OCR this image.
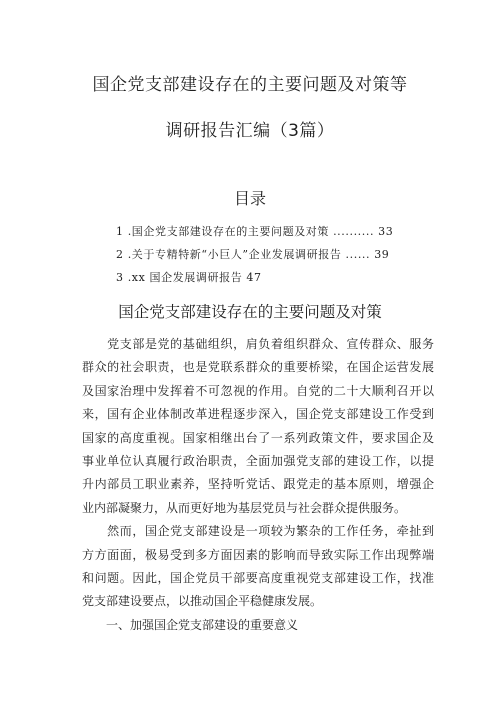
国企党支部建设存在的主要问题及对策等
调研报告汇编（3篇）
目录
1 .国企党支部建设存在的主要问题及对策 .......... 33
2 .关于专精特新“小巨人”企业发展调研报告 ...... 39
3 .xx 国企发展调研报告 47
国企党支部建设存在的主要问题及对策
　　党支部是党的基础组织，肩负着组织群众、宣传群众、服务
群众的社会职责，也是党联系群众的重要桥梁，在国企运营发展
及国家治理中发挥着不可忽视的作用。自党的二十大顺利召开以
来，国有企业体制改革进程逐步深入，国企党支部建设工作受到
国家的高度重视。国家相继出台了一系列政策文件，要求国企及
事业单位认真履行政治职责，全面加强党支部的建设工作，以提
升内部员工职业素养，坚持听党话、跟党走的基本原则，增强企
业内部凝聚力，从而更好地为基层党员与社会群众提供服务。
　　然而，国企党支部建设是一项较为繁杂的工作任务，牵扯到
方方面面，极易受到多方面因素的影响而导致实际工作出现弊端
和问题。因此，国企党员干部要高度重视党支部建设工作，找准
党支部建设要点，以推动国企平稳健康发展。
　　一、加强国企党支部建设的重要意义
